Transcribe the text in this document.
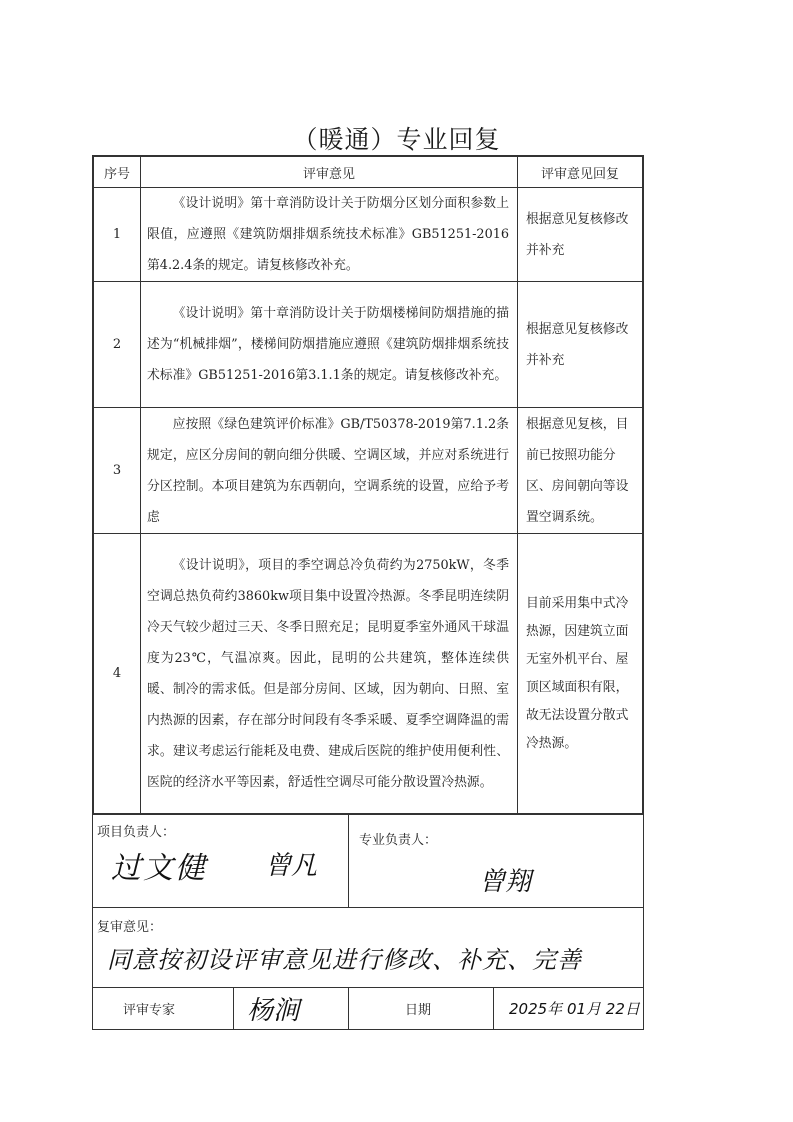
（暖通）专业回复
序号	评审意见	评审意见回复
1	《设计说明》第十章消防设计关于防烟分区划分面积参数上限值，应遵照《建筑防烟排烟系统技术标准》GB51251-2016第4.2.4条的规定。请复核修改补充。	根据意见复核修改并补充

2	《设计说明》第十章消防设计关于防烟楼梯间防烟措施的描述为“机械排烟”，楼梯间防烟措施应遵照《建筑防烟排烟系统技术标准》GB51251-2016第3.1.1条的规定。请复核修改补充。	根据意见复核修改并补充

3	应按照《绿色建筑评价标准》GB/T50378-2019第7.1.2条规定，应区分房间的朝向细分供暖、空调区域，并应对系统进行分区控制。本项目建筑为东西朝向，空调系统的设置，应给予考虑	根据意见复核，目前已按照功能分区、房间朝向等设置空调系统。

4	《设计说明》，项目的季空调总冷负荷约为2750kW，冬季空调总热负荷约3860kw项目集中设置冷热源。冬季昆明连续阴冷天气较少超过三天、冬季日照充足；昆明夏季室外通风干球温度为23℃，气温凉爽。因此，昆明的公共建筑，整体连续供暖、制冷的需求低。但是部分房间、区域，因为朝向、日照、室内热源的因素，存在部分时间段有冬季采暖、夏季空调降温的需求。建议考虑运行能耗及电费、建成后医院的维护使用便利性、医院的经济水平等因素，舒适性空调尽可能分散设置冷热源。	目前采用集中式冷热源，因建筑立面无室外机平台、屋顶区域面积有限，故无法设置分散式冷热源。
项目负责人：
过文健 曾凡
专业负责人：
曾翔
复审意见：
同意按初设评审意见进行修改、补充、完善
评审专家	杨涧	日期	2025年 01月 22日
